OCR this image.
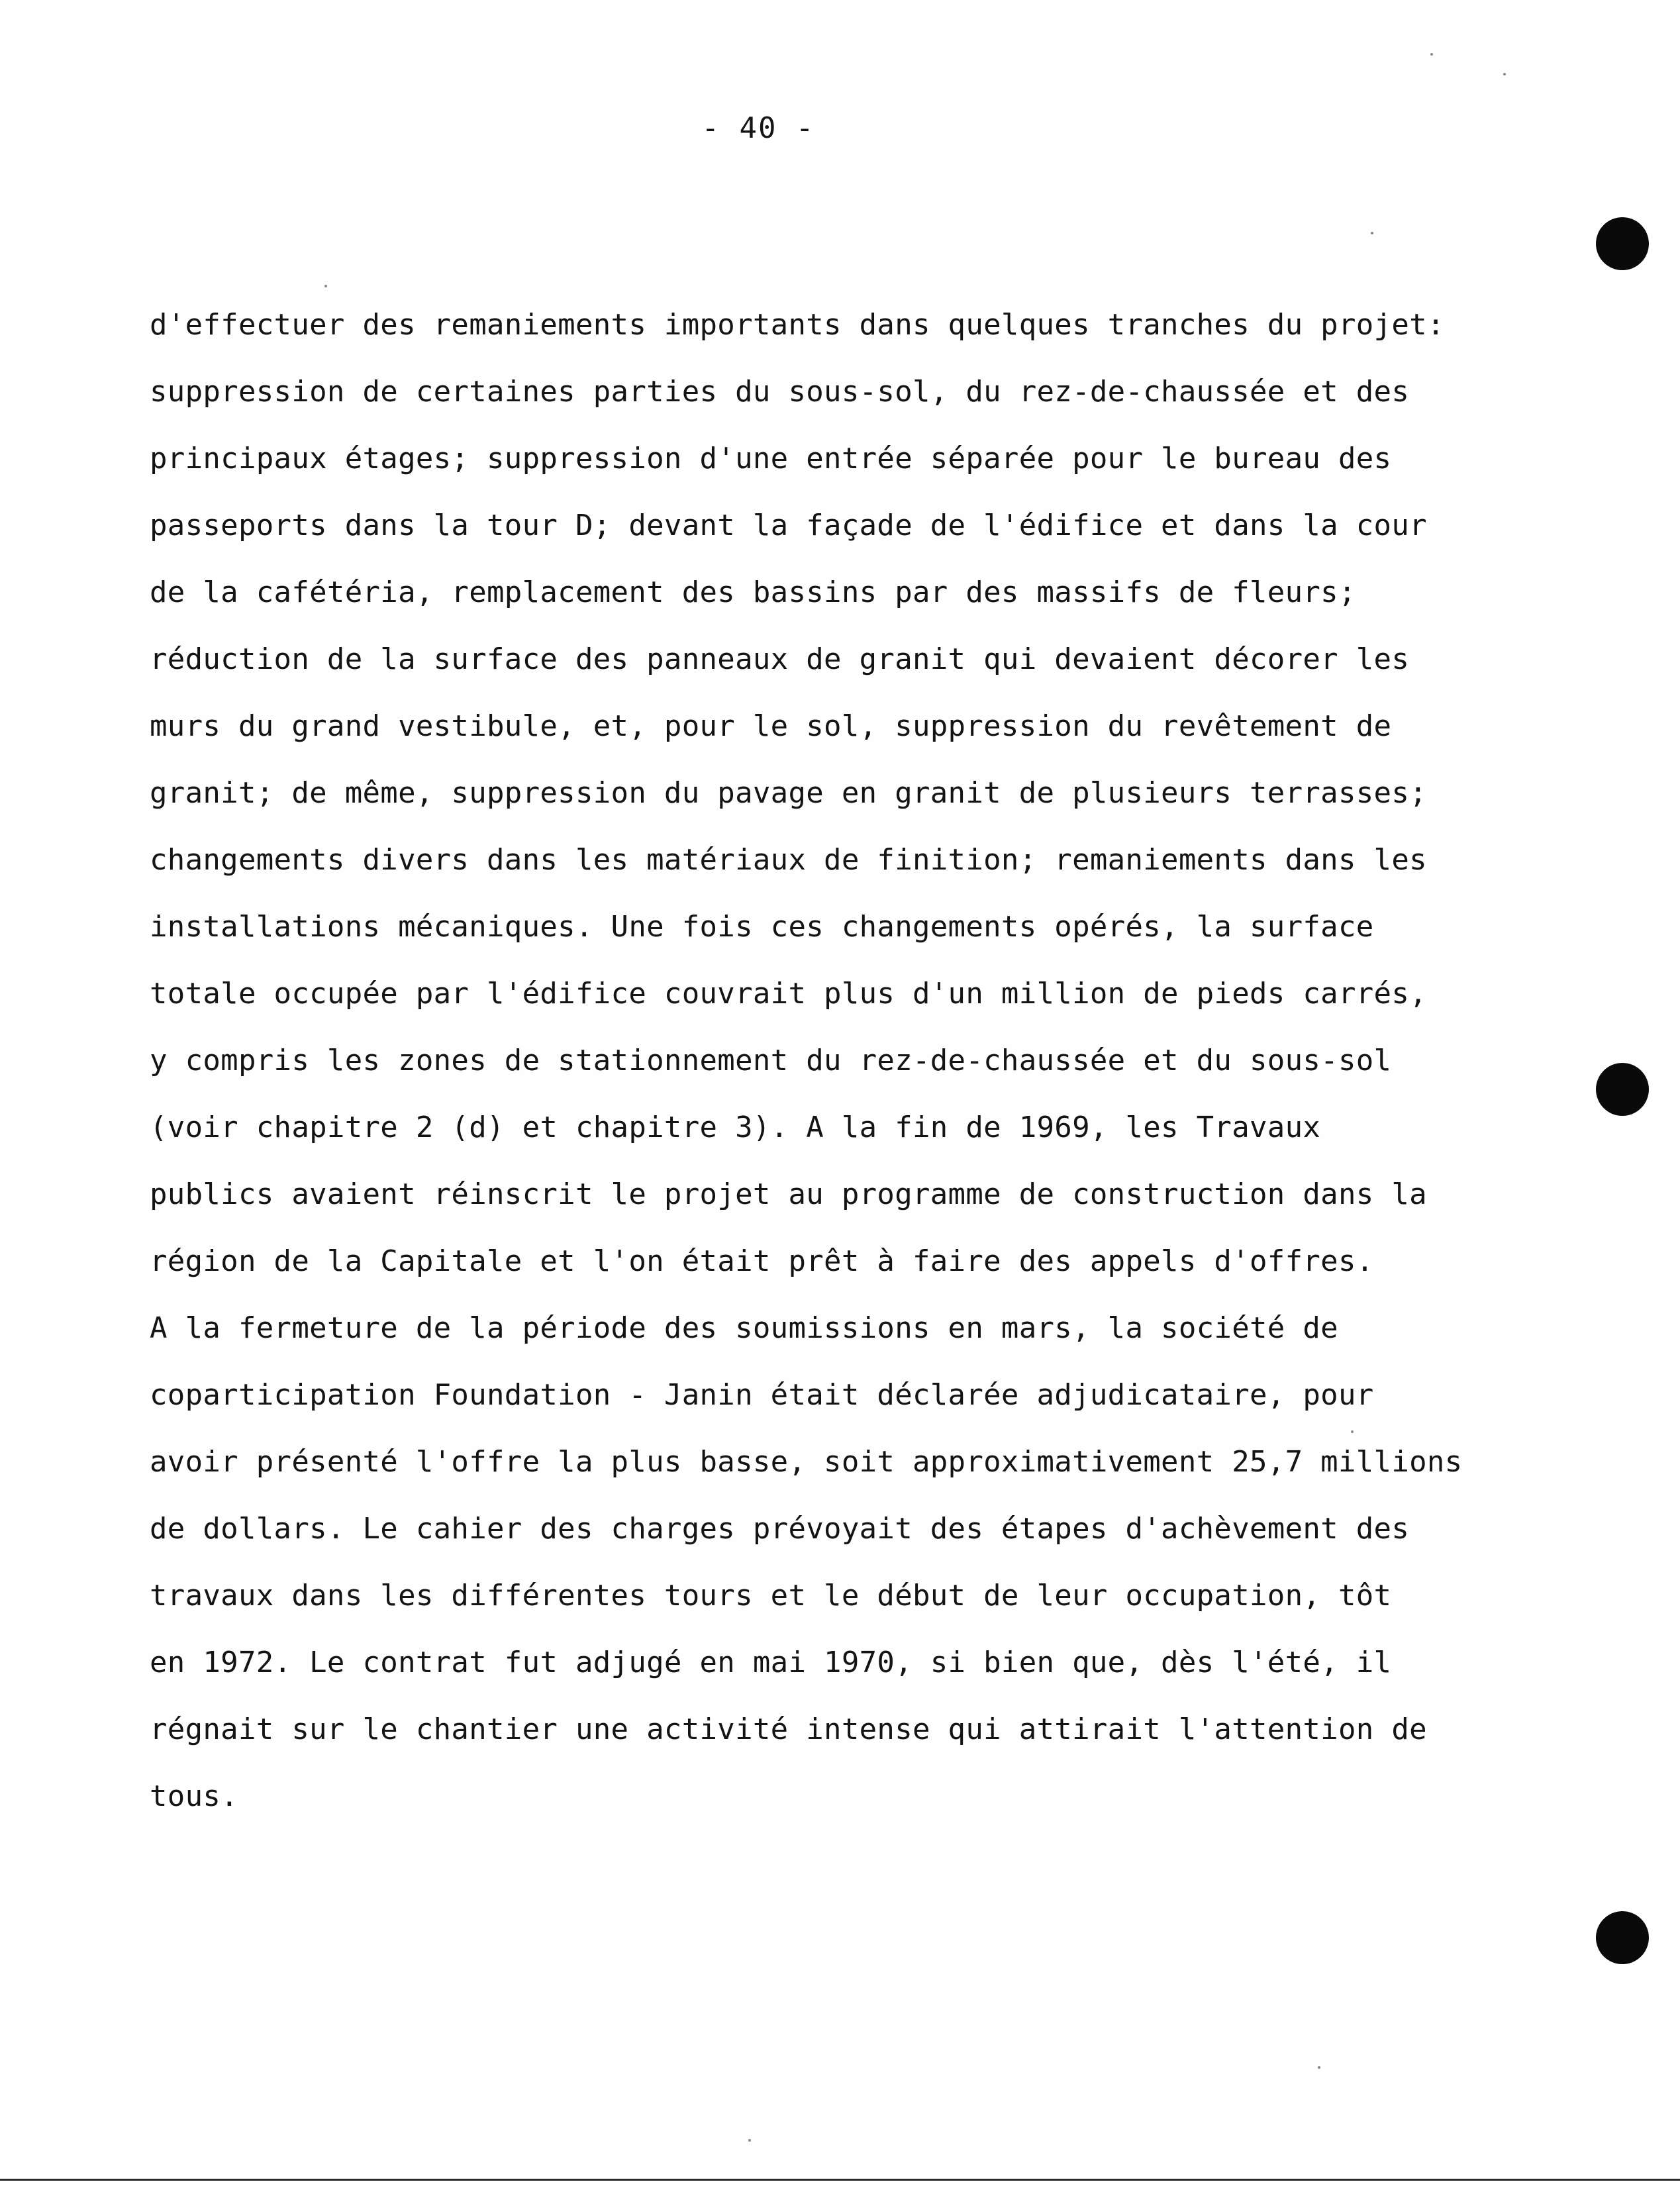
- 40 -
d'effectuer des remaniements importants dans quelques tranches du projet:
suppression de certaines parties du sous-sol, du rez-de-chaussée et des
principaux étages; suppression d'une entrée séparée pour le bureau des
passeports dans la tour D; devant la façade de l'édifice et dans la cour
de la cafétéria, remplacement des bassins par des massifs de fleurs;
réduction de la surface des panneaux de granit qui devaient décorer les
murs du grand vestibule, et, pour le sol, suppression du revêtement de
granit; de même, suppression du pavage en granit de plusieurs terrasses;
changements divers dans les matériaux de finition; remaniements dans les
installations mécaniques. Une fois ces changements opérés, la surface
totale occupée par l'édifice couvrait plus d'un million de pieds carrés,
y compris les zones de stationnement du rez-de-chaussée et du sous-sol
(voir chapitre 2 (d) et chapitre 3). A la fin de 1969, les Travaux
publics avaient réinscrit le projet au programme de construction dans la
région de la Capitale et l'on était prêt à faire des appels d'offres.
A la fermeture de la période des soumissions en mars, la société de
coparticipation Foundation - Janin était déclarée adjudicataire, pour
avoir présenté l'offre la plus basse, soit approximativement 25,7 millions
de dollars. Le cahier des charges prévoyait des étapes d'achèvement des
travaux dans les différentes tours et le début de leur occupation, tôt
en 1972. Le contrat fut adjugé en mai 1970, si bien que, dès l'été, il
régnait sur le chantier une activité intense qui attirait l'attention de
tous.
